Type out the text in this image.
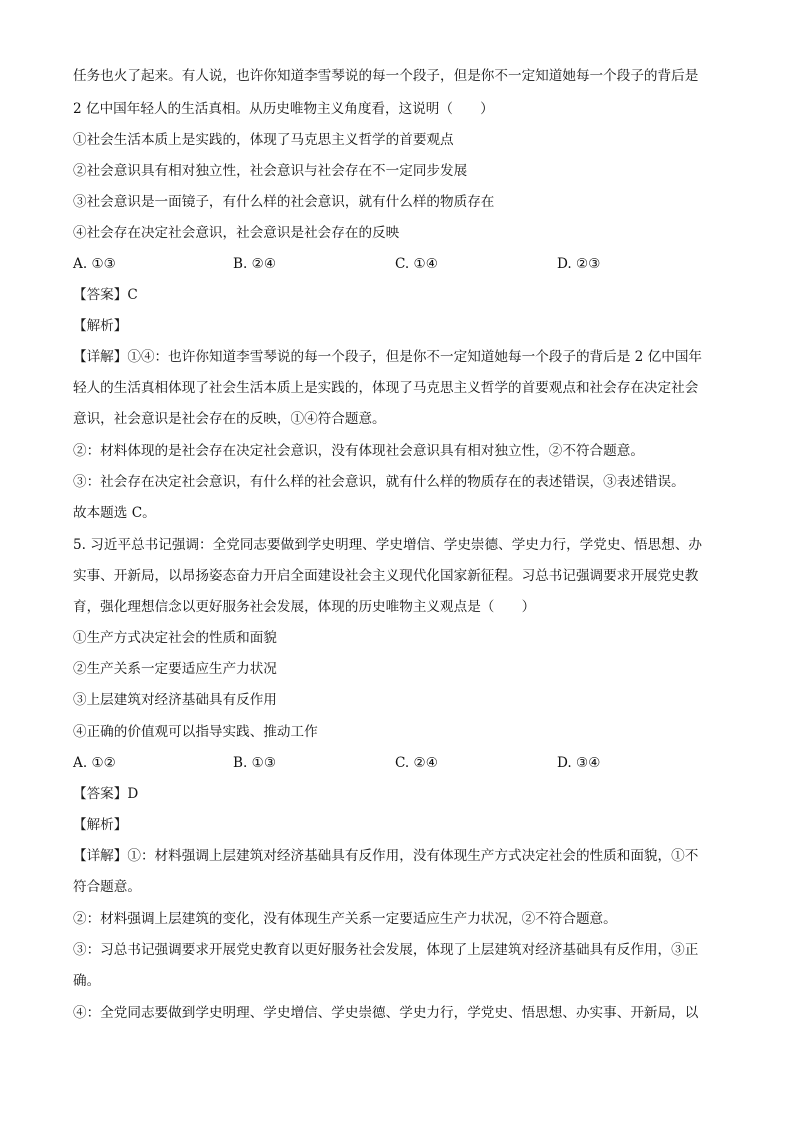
任务也火了起来。有人说，也许你知道李雪琴说的每一个段子，但是你不一定知道她每一个段子的背后是
2 亿中国年轻人的生活真相。从历史唯物主义角度看，这说明（　　）
①社会生活本质上是实践的，体现了马克思主义哲学的首要观点
②社会意识具有相对独立性，社会意识与社会存在不一定同步发展
③社会意识是一面镜子，有什么样的社会意识，就有什么样的物质存在
④社会存在决定社会意识，社会意识是社会存在的反映
A. ①③	B. ②④	C. ①④	D. ②③
【答案】C
【解析】
【详解】①④：也许你知道李雪琴说的每一个段子，但是你不一定知道她每一个段子的背后是 2 亿中国年
轻人的生活真相体现了社会生活本质上是实践的，体现了马克思主义哲学的首要观点和社会存在决定社会
意识，社会意识是社会存在的反映，①④符合题意。
②：材料体现的是社会存在决定社会意识，没有体现社会意识具有相对独立性，②不符合题意。
③：社会存在决定社会意识，有什么样的社会意识，就有什么样的物质存在的表述错误，③表述错误。
故本题选 C。
5. 习近平总书记强调：全党同志要做到学史明理、学史增信、学史崇德、学史力行，学党史、悟思想、办
实事、开新局，以昂扬姿态奋力开启全面建设社会主义现代化国家新征程。习总书记强调要求开展党史教
育，强化理想信念以更好服务社会发展，体现的历史唯物主义观点是（　　）
①生产方式决定社会的性质和面貌
②生产关系一定要适应生产力状况
③上层建筑对经济基础具有反作用
④正确的价值观可以指导实践、推动工作
A. ①②	B. ①③	C. ②④	D. ③④
【答案】D
【解析】
【详解】①：材料强调上层建筑对经济基础具有反作用，没有体现生产方式决定社会的性质和面貌，①不
符合题意。
②：材料强调上层建筑的变化，没有体现生产关系一定要适应生产力状况，②不符合题意。
③：习总书记强调要求开展党史教育以更好服务社会发展，体现了上层建筑对经济基础具有反作用，③正
确。
④：全党同志要做到学史明理、学史增信、学史崇德、学史力行，学党史、悟思想、办实事、开新局，以
